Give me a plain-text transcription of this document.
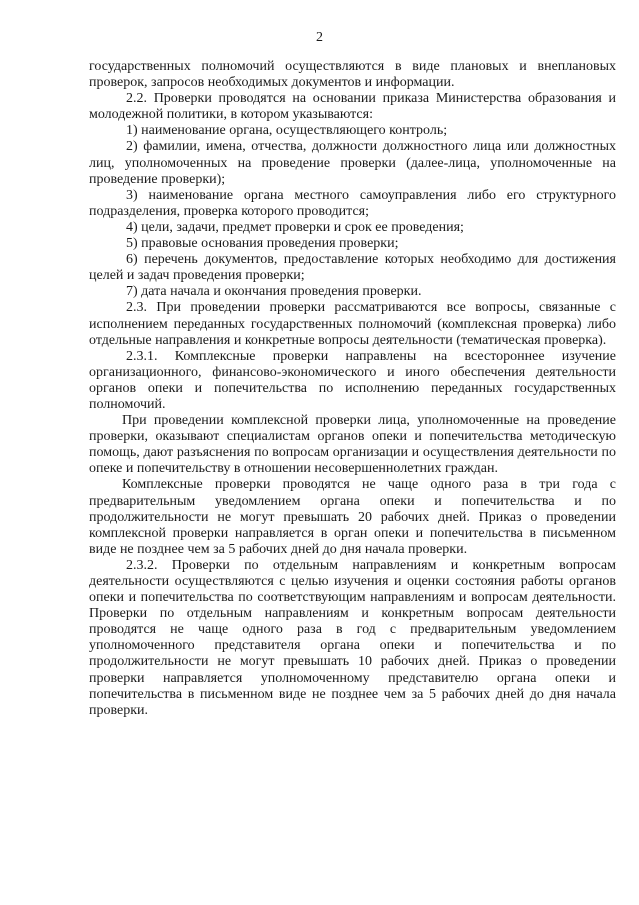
2

государственных полномочий осуществляются в виде плановых и внеплановых проверок, запросов необходимых документов и информации.

2.2. Проверки проводятся на основании приказа Министерства образования и молодежной политики, в котором указываются:

1) наименование органа, осуществляющего контроль;

2) фамилии, имена, отчества, должности должностного лица или должностных лиц, уполномоченных на проведение проверки (далее-лица, уполномоченные на проведение проверки);

3) наименование органа местного самоуправления либо его структурного подразделения, проверка которого проводится;

4) цели, задачи, предмет проверки и срок ее проведения;

5) правовые основания проведения проверки;

6) перечень документов, предоставление которых необходимо для достижения целей и задач проведения проверки;

7) дата начала и окончания проведения проверки.

2.3. При проведении проверки рассматриваются все вопросы, связанные с исполнением переданных государственных полномочий (комплексная проверка) либо отдельные направления и конкретные вопросы деятельности (тематическая проверка).

2.3.1. Комплексные проверки направлены на всестороннее изучение организационного, финансово-экономического и иного обеспечения деятельности органов опеки и попечительства по исполнению переданных государственных полномочий.

При проведении комплексной проверки лица, уполномоченные на проведение проверки, оказывают специалистам органов опеки и попечительства методическую помощь, дают разъяснения по вопросам организации и осуществления деятельности по опеке и попечительству в отношении несовершеннолетних граждан.

Комплексные проверки проводятся не чаще одного раза в три года с предварительным уведомлением органа опеки и попечительства и по продолжительности не могут превышать 20 рабочих дней. Приказ о проведении комплексной проверки направляется в орган опеки и попечительства в письменном виде не позднее чем за 5 рабочих дней до дня начала проверки.

2.3.2. Проверки по отдельным направлениям и конкретным вопросам деятельности осуществляются с целью изучения и оценки состояния работы органов опеки и попечительства по соответствующим направлениям и вопросам деятельности. Проверки по отдельным направлениям и конкретным вопросам деятельности проводятся не чаще одного раза в год с предварительным уведомлением уполномоченного представителя органа опеки и попечительства и по продолжительности не могут превышать 10 рабочих дней. Приказ о проведении проверки направляется уполномоченному представителю органа опеки и попечительства в письменном виде не позднее чем за 5 рабочих дней до дня начала проверки.
